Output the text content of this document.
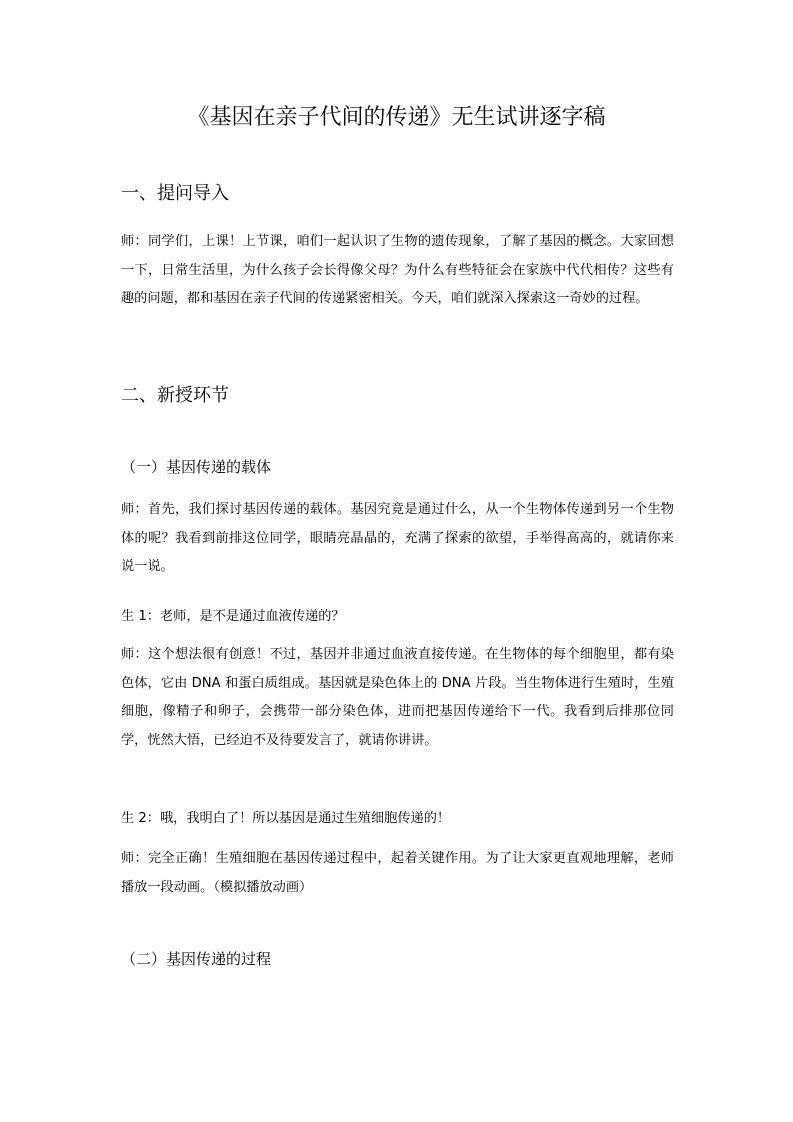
《基因在亲子代间的传递》无生试讲逐字稿
一、提问导入

师：同学们，上课！上节课，咱们一起认识了生物的遗传现象，了解了基因的概念。大家回想一下，日常生活里，为什么孩子会长得像父母？为什么有些特征会在家族中代代相传？这些有趣的问题，都和基因在亲子代间的传递紧密相关。今天，咱们就深入探索这一奇妙的过程。

二、新授环节
（一）基因传递的载体

师：首先，我们探讨基因传递的载体。基因究竟是通过什么，从一个生物体传递到另一个生物体的呢？我看到前排这位同学，眼睛亮晶晶的，充满了探索的欲望，手举得高高的，就请你来说一说。

生 1：老师，是不是通过血液传递的？

师：这个想法很有创意！不过，基因并非通过血液直接传递。在生物体的每个细胞里，都有染色体，它由 DNA 和蛋白质组成。基因就是染色体上的 DNA 片段。当生物体进行生殖时，生殖细胞，像精子和卵子，会携带一部分染色体，进而把基因传递给下一代。我看到后排那位同学，恍然大悟，已经迫不及待要发言了，就请你讲讲。

生 2：哦，我明白了！所以基因是通过生殖细胞传递的！

师：完全正确！生殖细胞在基因传递过程中，起着关键作用。为了让大家更直观地理解，老师播放一段动画。（模拟播放动画）

（二）基因传递的过程
